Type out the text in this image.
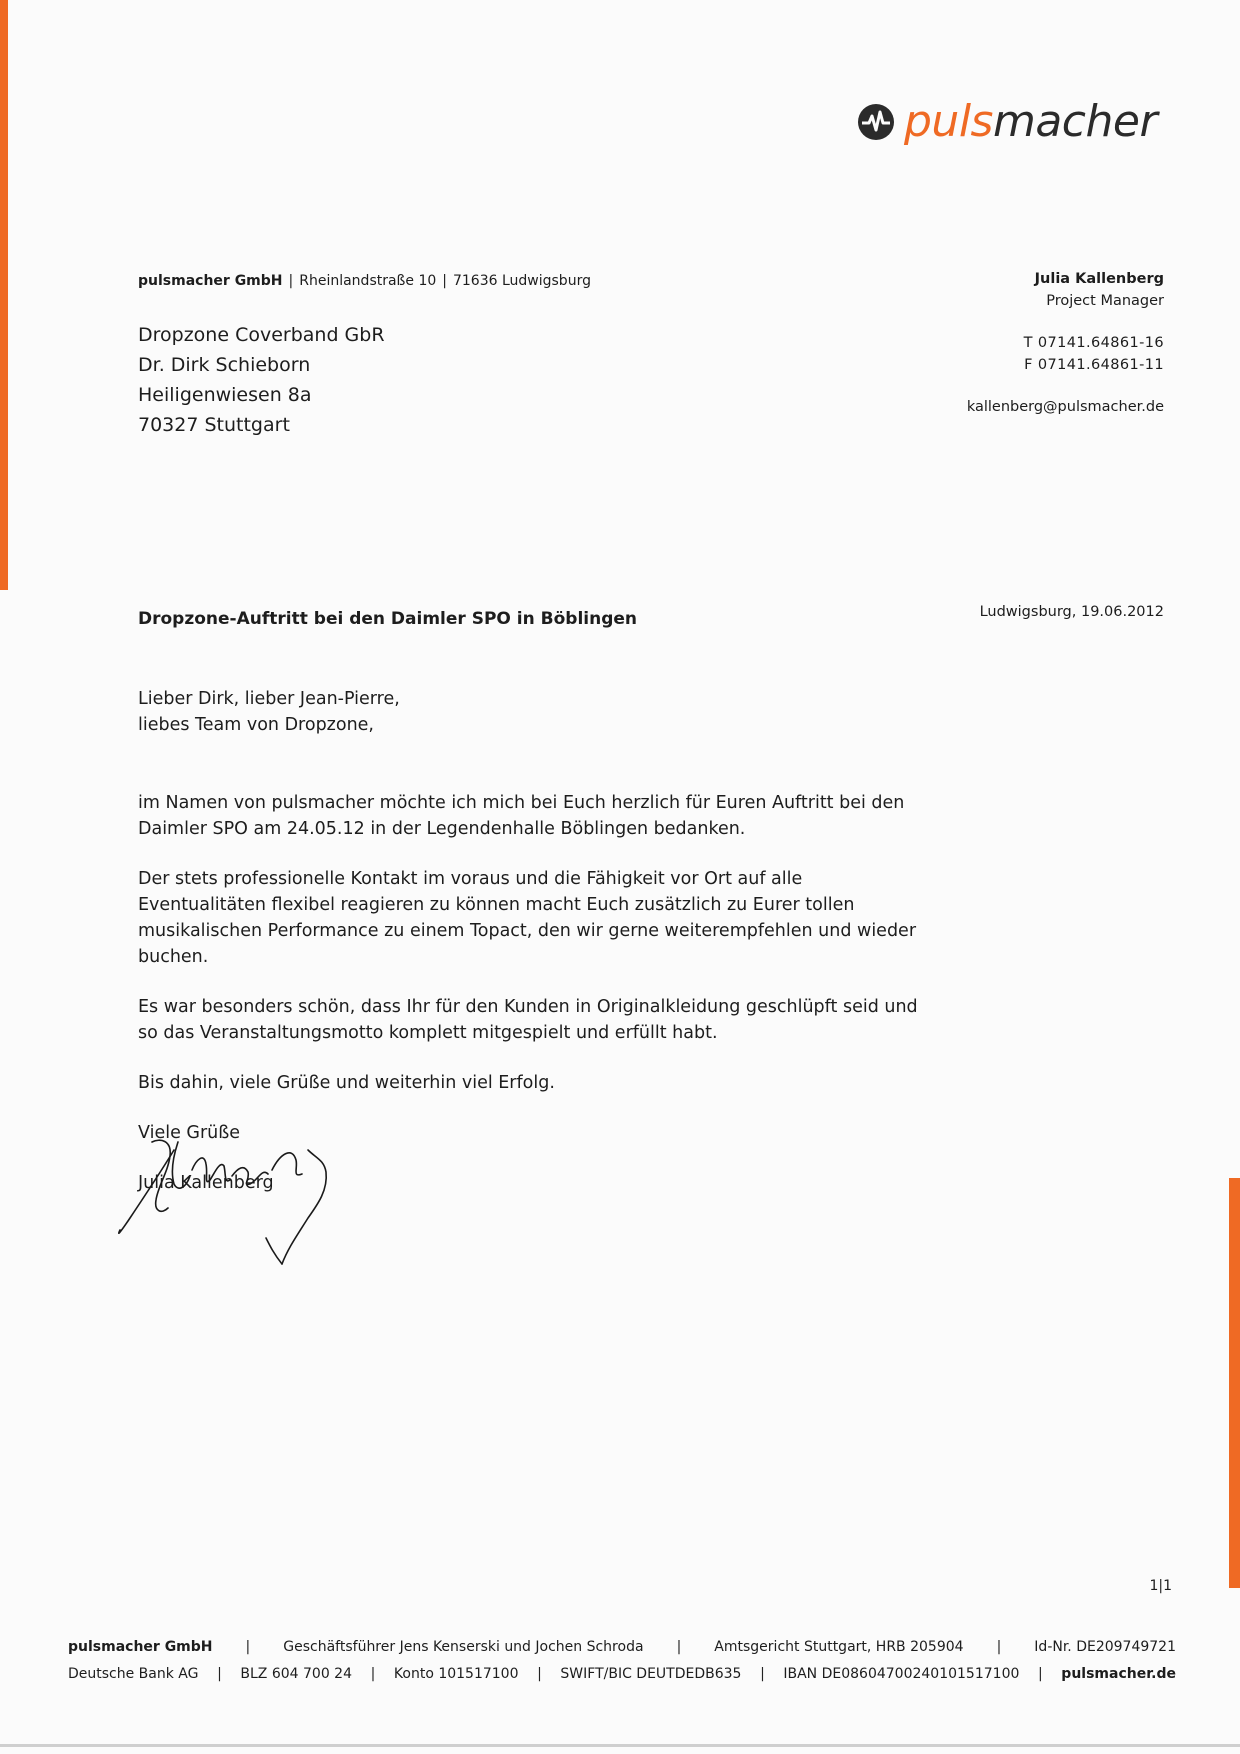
pulsmacher
pulsmacher GmbH | Rheinlandstraße 10 | 71636 Ludwigsburg
Dropzone Coverband GbR
Dr. Dirk Schieborn
Heiligenwiesen 8a
70327 Stuttgart
Julia Kallenberg
Project Manager
T 07141.64861-16
F 07141.64861-11
kallenberg@pulsmacher.de
Dropzone-Auftritt bei den Daimler SPO in Böblingen	Ludwigsburg, 19.06.2012

Lieber Dirk, lieber Jean-Pierre,

liebes Team von Dropzone,

im Namen von pulsmacher möchte ich mich bei Euch herzlich für Euren Auftritt bei den Daimler SPO am 24.05.12 in der Legendenhalle Böblingen bedanken.

Der stets professionelle Kontakt im voraus und die Fähigkeit vor Ort auf alle Eventualitäten flexibel reagieren zu können macht Euch zusätzlich zu Eurer tollen musikalischen Performance zu einem Topact, den wir gerne weiterempfehlen und wieder buchen.

Es war besonders schön, dass Ihr für den Kunden in Originalkleidung geschlüpft seid und so das Veranstaltungsmotto komplett mitgespielt und erfüllt habt.

Bis dahin, viele Grüße und weiterhin viel Erfolg.

Viele Grüße

Julia Kallenberg

1|1
pulsmacher GmbH | Geschäftsführer Jens Kenserski und Jochen Schroda | Amtsgericht Stuttgart, HRB 205904 | Id-Nr. DE209749721
Deutsche Bank AG | BLZ 604 700 24 | Konto 101517100 | SWIFT/BIC DEUTDEDB635 | IBAN DE08604700240101517100 | pulsmacher.de
